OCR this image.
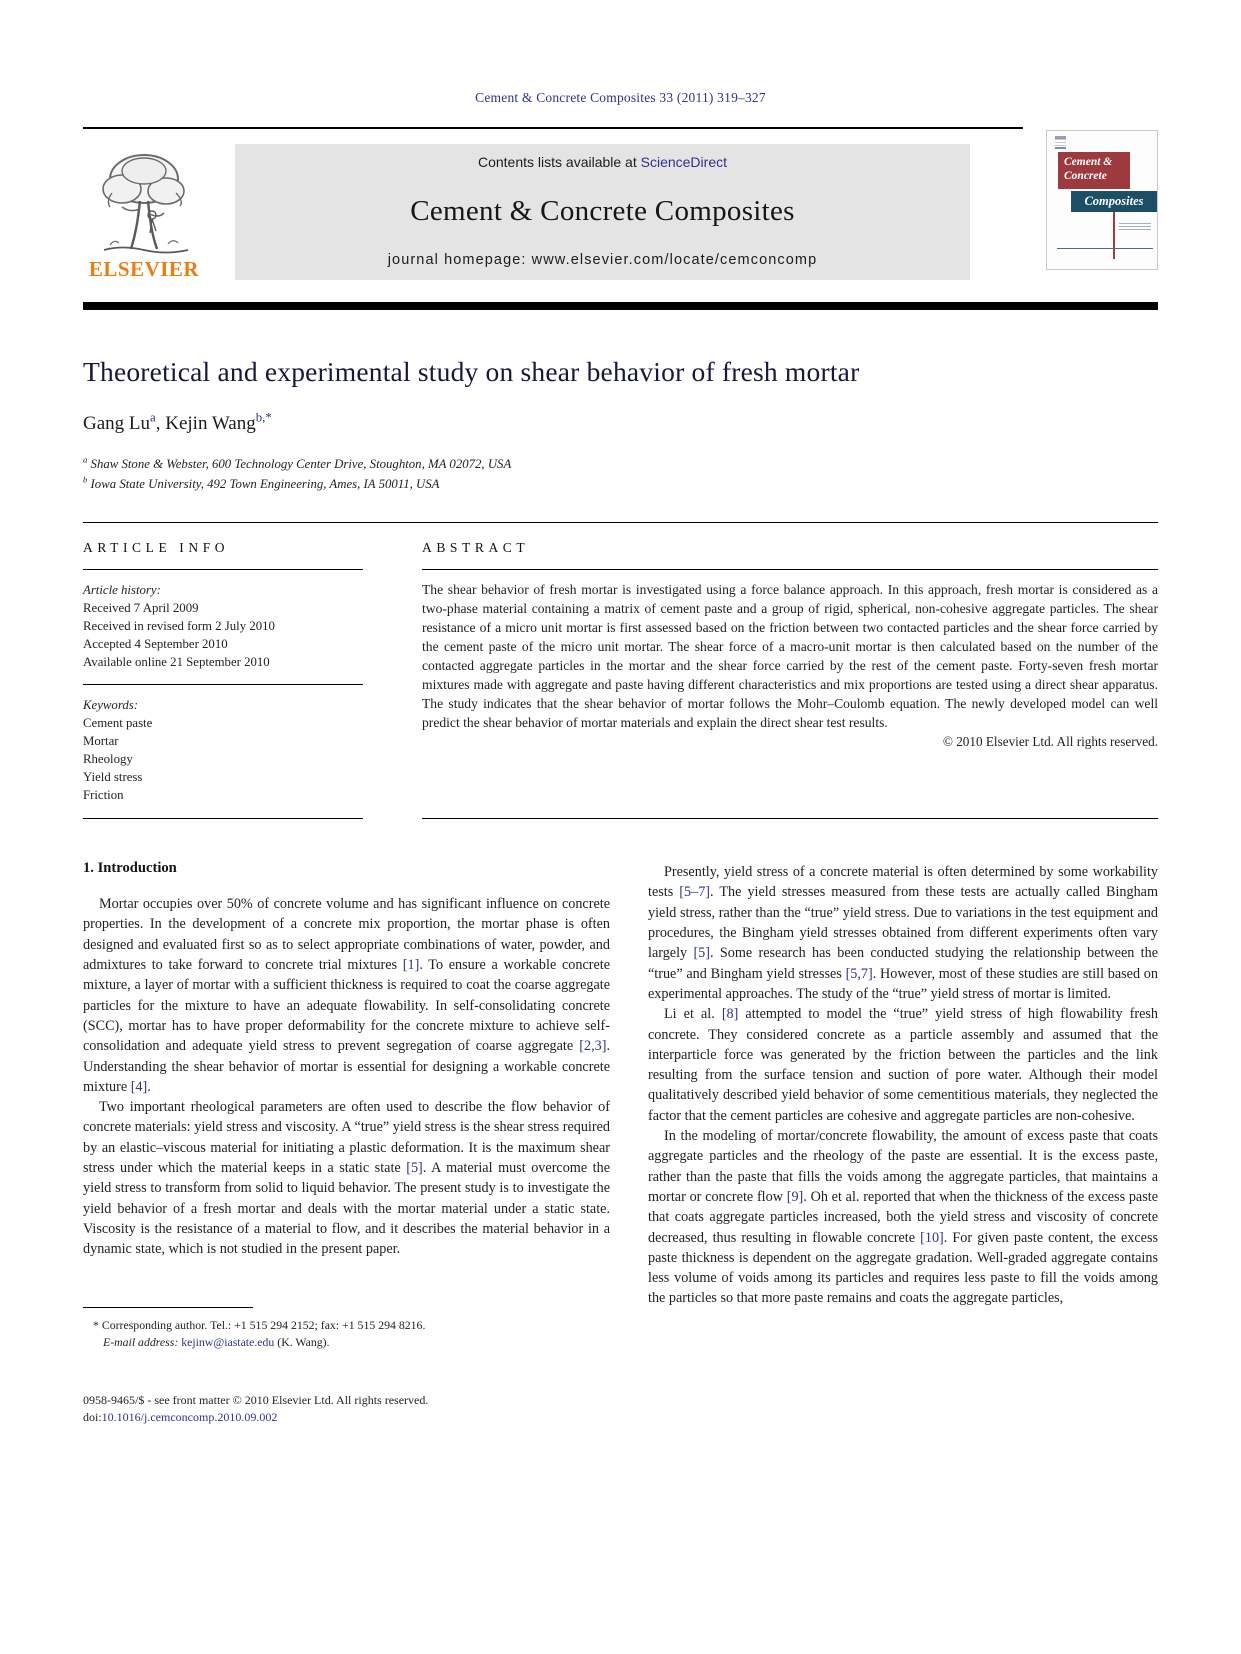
Cement & Concrete Composites 33 (2011) 319–327
ELSEVIER
Contents lists available at ScienceDirect
Cement & Concrete Composites
journal homepage: www.elsevier.com/locate/cemconcomp
Cement &
Concrete
Composites
Theoretical and experimental study on shear behavior of fresh mortar
Gang Lu$^a$, Kejin Wang$^{b,*}$
$^a$ Shaw Stone & Webster, 600 Technology Center Drive, Stoughton, MA 02072, USA
$^b$ Iowa State University, 492 Town Engineering, Ames, IA 50011, USA
ARTICLE INFO
Article history:
Received 7 April 2009
Received in revised form 2 July 2010
Accepted 4 September 2010
Available online 21 September 2010
Keywords:
Cement paste
Mortar
Rheology
Yield stress
Friction
ABSTRACT
The shear behavior of fresh mortar is investigated using a force balance approach. In this approach, fresh mortar is considered as a two-phase material containing a matrix of cement paste and a group of rigid, spherical, non-cohesive aggregate particles. The shear resistance of a micro unit mortar is first assessed based on the friction between two contacted particles and the shear force carried by the cement paste of the micro unit mortar. The shear force of a macro-unit mortar is then calculated based on the number of the contacted aggregate particles in the mortar and the shear force carried by the rest of the cement paste. Forty-seven fresh mortar mixtures made with aggregate and paste having different characteristics and mix proportions are tested using a direct shear apparatus. The study indicates that the shear behavior of mortar follows the Mohr–Coulomb equation. The newly developed model can well predict the shear behavior of mortar materials and explain the direct shear test results.
© 2010 Elsevier Ltd. All rights reserved.
1. Introduction

Mortar occupies over 50% of concrete volume and has significant influence on concrete properties. In the development of a concrete mix proportion, the mortar phase is often designed and evaluated first so as to select appropriate combinations of water, powder, and admixtures to take forward to concrete trial mixtures [1]. To ensure a workable concrete mixture, a layer of mortar with a sufficient thickness is required to coat the coarse aggregate particles for the mixture to have an adequate flowability. In self-consolidating concrete (SCC), mortar has to have proper deformability for the concrete mixture to achieve self-consolidation and adequate yield stress to prevent segregation of coarse aggregate [2,3]. Understanding the shear behavior of mortar is essential for designing a workable concrete mixture [4].

Two important rheological parameters are often used to describe the flow behavior of concrete materials: yield stress and viscosity. A “true” yield stress is the shear stress required by an elastic–viscous material for initiating a plastic deformation. It is the maximum shear stress under which the material keeps in a static state [5]. A material must overcome the yield stress to transform from solid to liquid behavior. The present study is to investigate the yield behavior of a fresh mortar and deals with the mortar material under a static state. Viscosity is the resistance of a material to flow, and it describes the material behavior in a dynamic state, which is not studied in the present paper.

* Corresponding author. Tel.: +1 515 294 2152; fax: +1 515 294 8216.
E-mail address: kejinw@iastate.edu (K. Wang).
0958-9465/$ - see front matter © 2010 Elsevier Ltd. All rights reserved.
doi:10.1016/j.cemconcomp.2010.09.002

Presently, yield stress of a concrete material is often determined by some workability tests [5–7]. The yield stresses measured from these tests are actually called Bingham yield stress, rather than the “true” yield stress. Due to variations in the test equipment and procedures, the Bingham yield stresses obtained from different experiments often vary largely [5]. Some research has been conducted studying the relationship between the “true” and Bingham yield stresses [5,7]. However, most of these studies are still based on experimental approaches. The study of the “true” yield stress of mortar is limited.

Li et al. [8] attempted to model the “true” yield stress of high flowability fresh concrete. They considered concrete as a particle assembly and assumed that the interparticle force was generated by the friction between the particles and the link resulting from the surface tension and suction of pore water. Although their model qualitatively described yield behavior of some cementitious materials, they neglected the factor that the cement particles are cohesive and aggregate particles are non-cohesive.

In the modeling of mortar/concrete flowability, the amount of excess paste that coats aggregate particles and the rheology of the paste are essential. It is the excess paste, rather than the paste that fills the voids among the aggregate particles, that maintains a mortar or concrete flow [9]. Oh et al. reported that when the thickness of the excess paste that coats aggregate particles increased, both the yield stress and viscosity of concrete decreased, thus resulting in flowable concrete [10]. For given paste content, the excess paste thickness is dependent on the aggregate gradation. Well-graded aggregate contains less volume of voids among its particles and requires less paste to fill the voids among the particles so that more paste remains and coats the aggregate particles,
